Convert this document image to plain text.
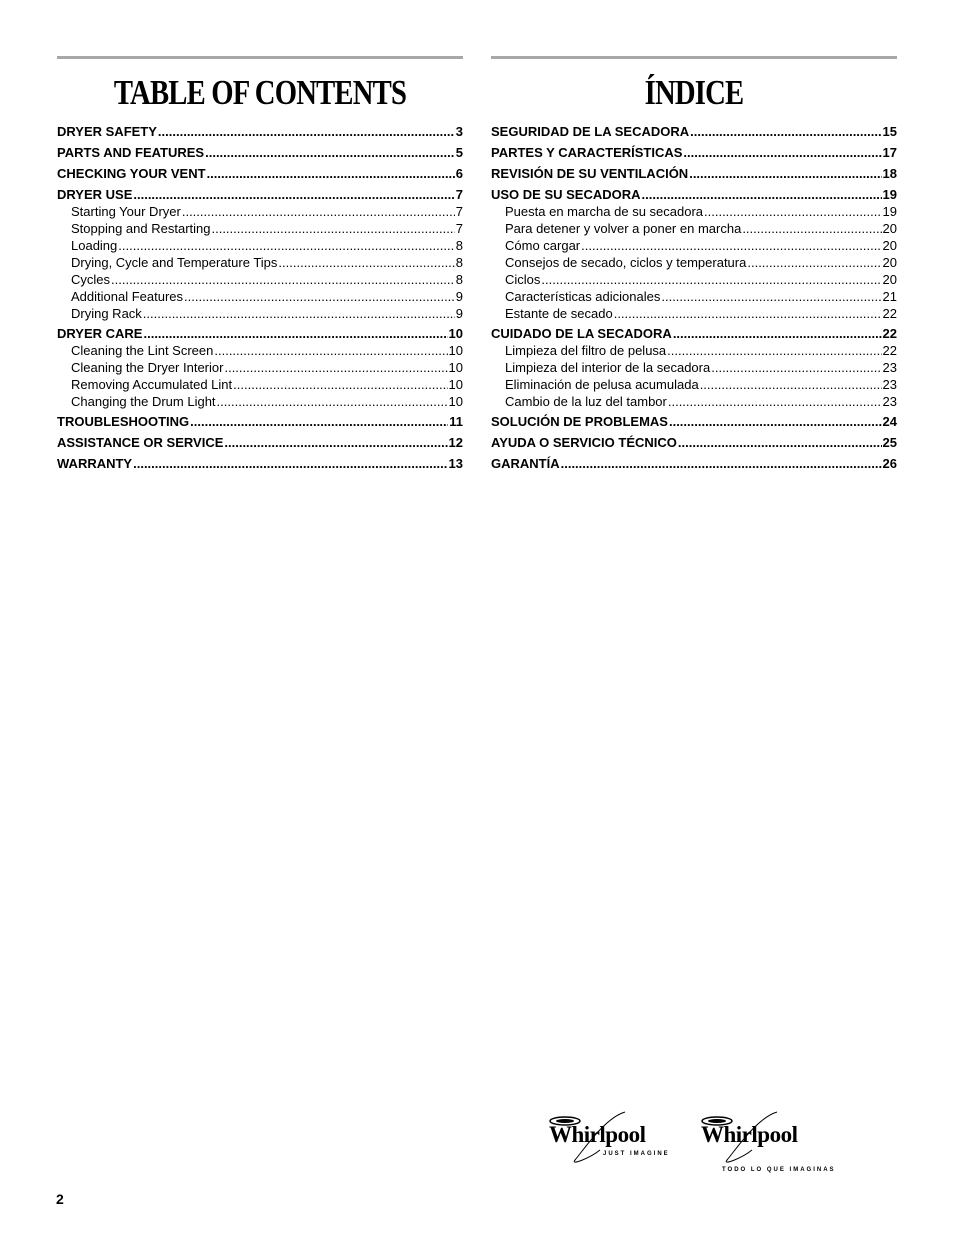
TABLE OF CONTENTS
DRYER SAFETY .....	3
PARTS AND FEATURES .....	5
CHECKING YOUR VENT .....	6
DRYER USE .....	7
Starting Your Dryer .....	7
Stopping and Restarting .....	7
Loading .....	8
Drying, Cycle and Temperature Tips .....	8
Cycles .....	8
Additional Features .....	9
Drying Rack .....	9
DRYER CARE .....	10
Cleaning the Lint Screen .....	10
Cleaning the Dryer Interior .....	10
Removing Accumulated Lint .....	10
Changing the Drum Light .....	10
TROUBLESHOOTING .....	11
ASSISTANCE OR SERVICE .....	12
WARRANTY .....	13
ÍNDICE
SEGURIDAD DE LA SECADORA .....	15
PARTES Y CARACTERÍSTICAS .....	17
REVISIÓN DE SU VENTILACIÓN .....	18
USO DE SU SECADORA .....	19
Puesta en marcha de su secadora .....	19
Para detener y volver a poner en marcha .....	20
Cómo cargar .....	20
Consejos de secado, ciclos y temperatura .....	20
Ciclos .....	20
Características adicionales .....	21
Estante de secado .....	22
CUIDADO DE LA SECADORA .....	22
Limpieza del filtro de pelusa .....	22
Limpieza del interior de la secadora .....	23
Eliminación de pelusa acumulada .....	23
Cambio de la luz del tambor .....	23
SOLUCIÓN DE PROBLEMAS .....	24
AYUDA O SERVICIO TÉCNICO .....	25
GARANTÍA .....	26
2
Whirlpool
JUST IMAGINE
Whirlpool
TODO LO QUE IMAGINAS
